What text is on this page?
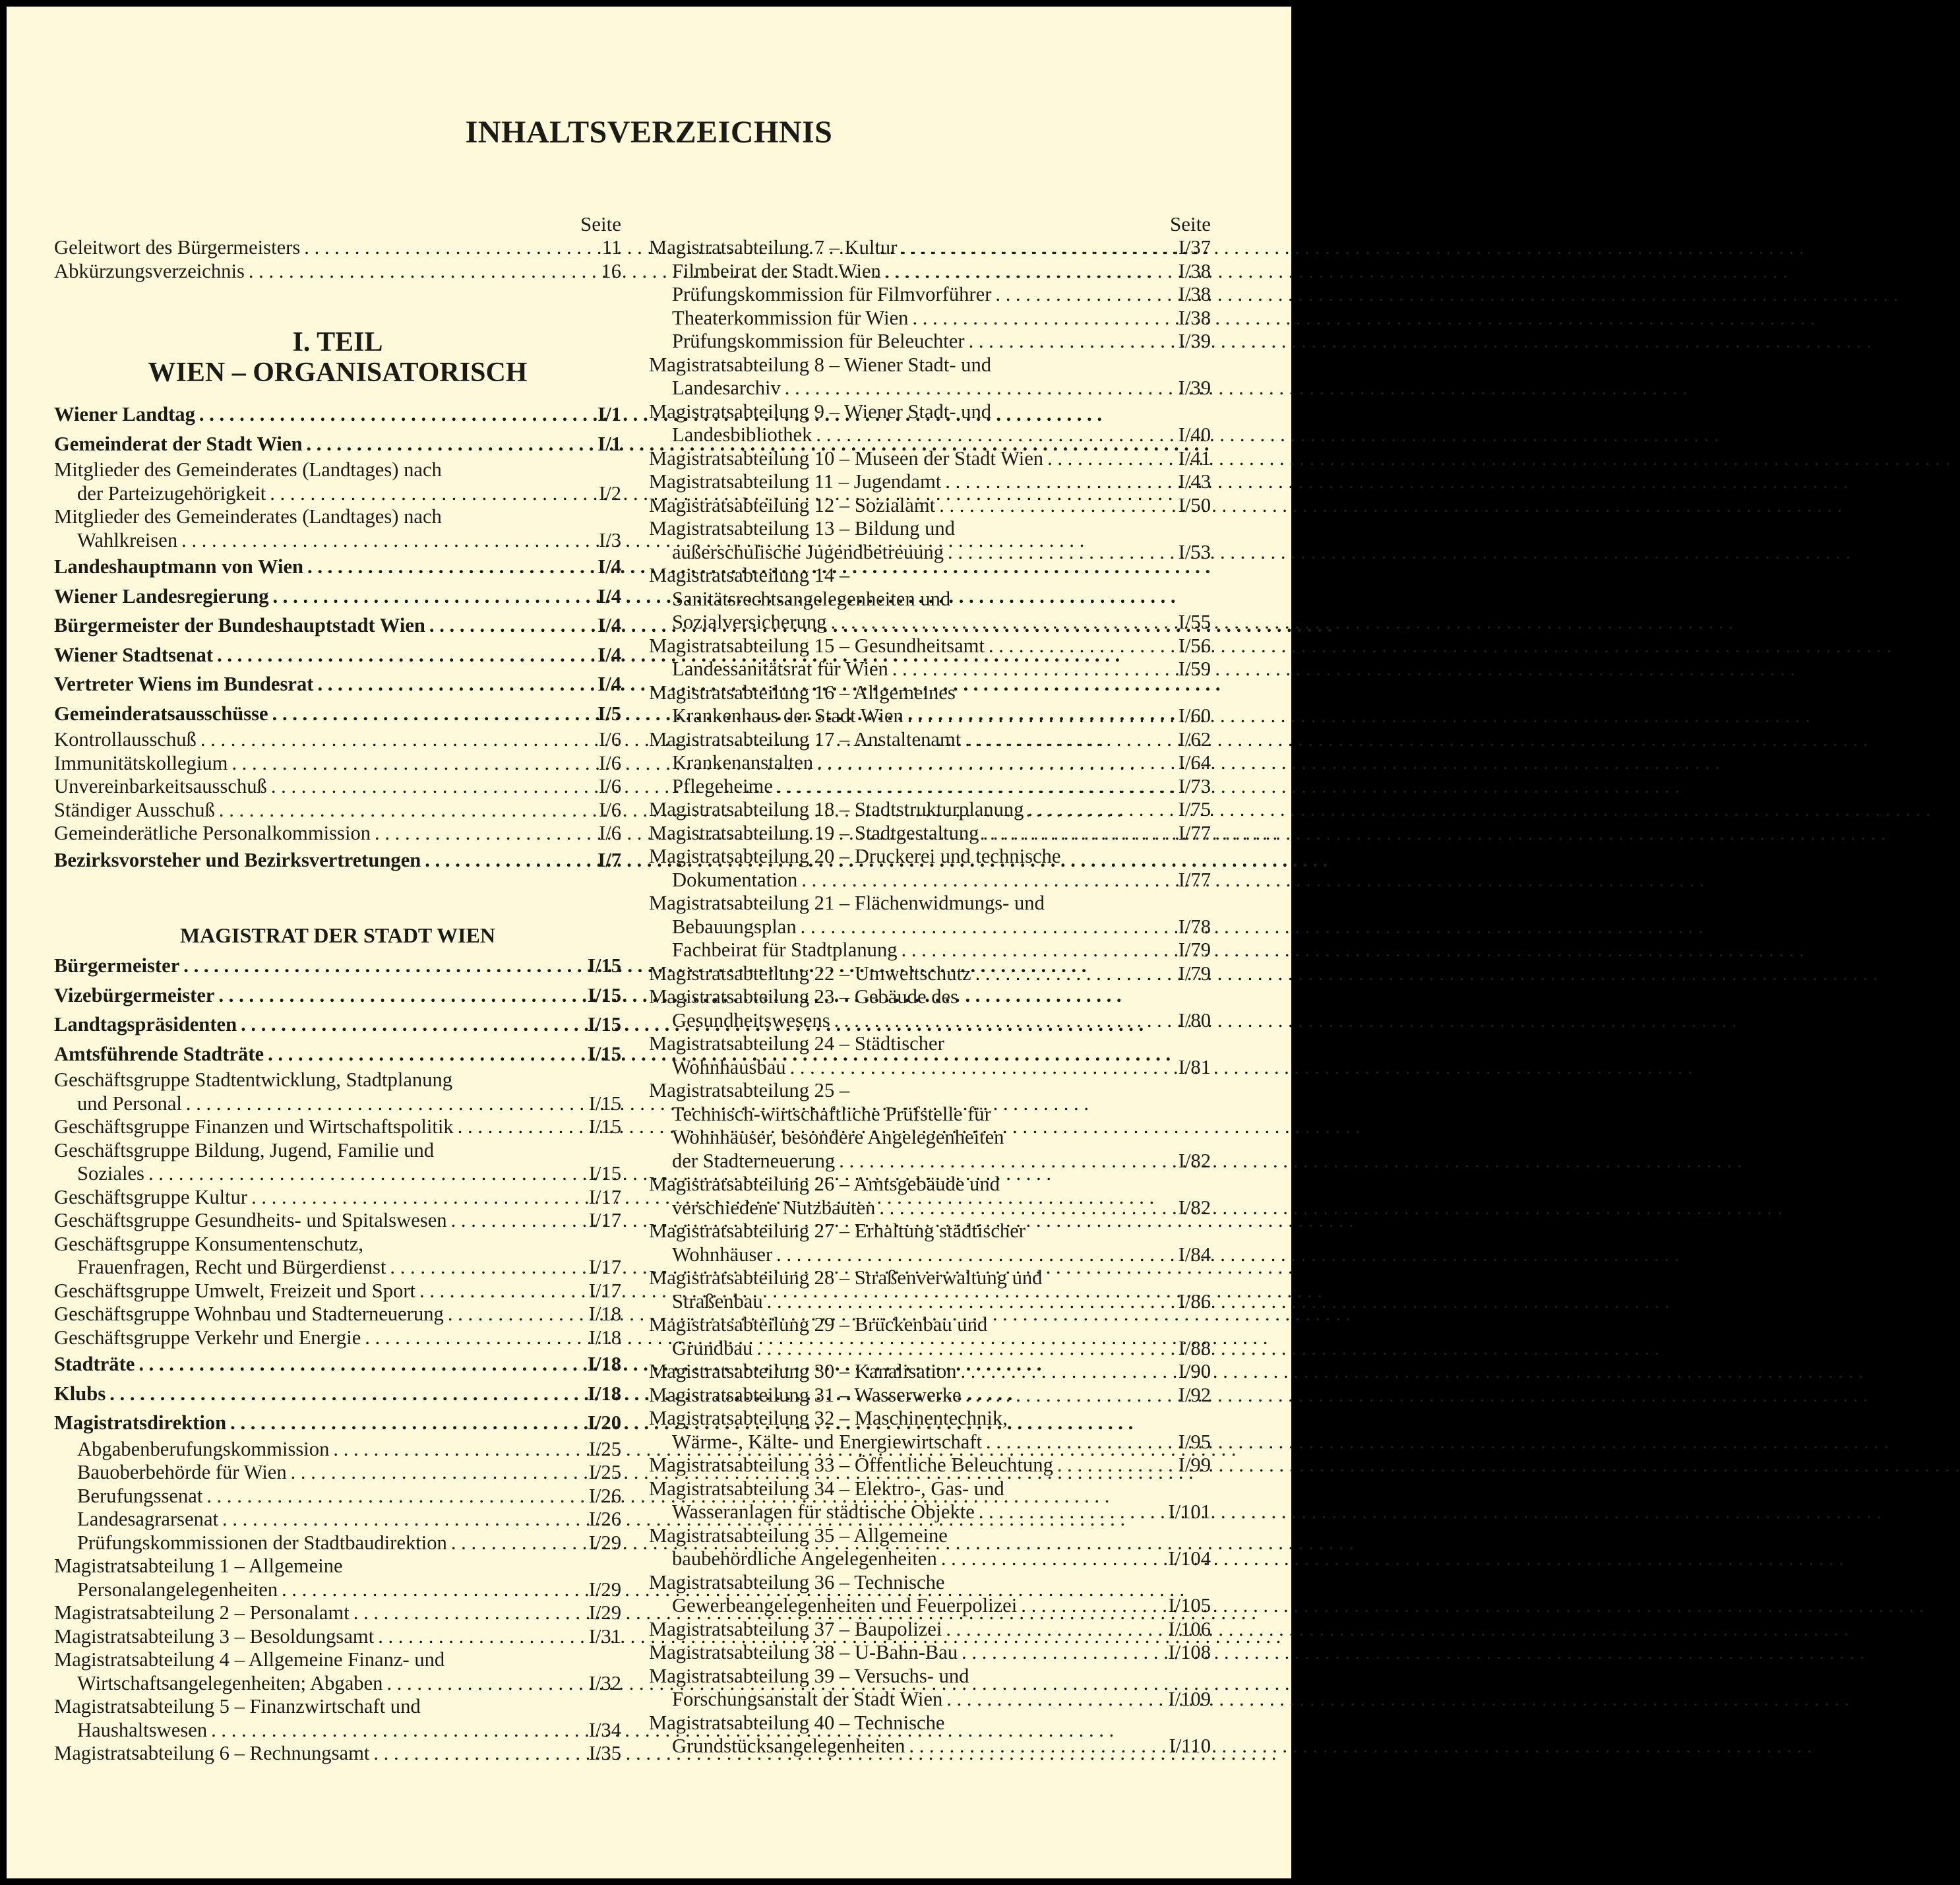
INHALTSVERZEICHNIS
Seite
Geleitwort des Bürgermeisters . . .	11
Abkürzungsverzeichnis . . .	16
I. TEIL
WIEN – ORGANISATORISCH
Wiener Landtag . . .	I/1
Gemeinderat der Stadt Wien . . .	I/1
Mitglieder des Gemeinderates (Landtages) nach
der Parteizugehörigkeit . . .	I/2
Mitglieder des Gemeinderates (Landtages) nach
Wahlkreisen . . .	I/3
Landeshauptmann von Wien . . .	I/4
Wiener Landesregierung . . .	I/4
Bürgermeister der Bundeshauptstadt Wien . . .	I/4
Wiener Stadtsenat . . .	I/4
Vertreter Wiens im Bundesrat . . .	I/4
Gemeinderatsausschüsse . . .	I/5
Kontrollausschuß . . .	I/6
Immunitätskollegium . . .	I/6
Unvereinbarkeitsausschuß . . .	I/6
Ständiger Ausschuß . . .	I/6
Gemeinderätliche Personalkommission . . .	I/6
Bezirksvorsteher und Bezirksvertretungen . . .	I/7
MAGISTRAT DER STADT WIEN
Bürgermeister . . .	I/15
Vizebürgermeister . . .	I/15
Landtagspräsidenten . . .	I/15
Amtsführende Stadträte . . .	I/15
Geschäftsgruppe Stadtentwicklung, Stadtplanung
und Personal . . .	I/15
Geschäftsgruppe Finanzen und Wirtschaftspolitik . . .	I/15
Geschäftsgruppe Bildung, Jugend, Familie und
Soziales . . .	I/15
Geschäftsgruppe Kultur . . .	I/17
Geschäftsgruppe Gesundheits- und Spitalswesen . . .	I/17
Geschäftsgruppe Konsumentenschutz,
Frauenfragen, Recht und Bürgerdienst . . .	I/17
Geschäftsgruppe Umwelt, Freizeit und Sport . . .	I/17
Geschäftsgruppe Wohnbau und Stadterneuerung . . .	I/18
Geschäftsgruppe Verkehr und Energie . . .	I/18
Stadträte . . .	I/18
Klubs . . .	I/18
Magistratsdirektion . . .	I/20
Abgabenberufungskommission . . .	I/25
Bauoberbehörde für Wien . . .	I/25
Berufungssenat . . .	I/26
Landesagrarsenat . . .	I/26
Prüfungskommissionen der Stadtbaudirektion . . .	I/29
Magistratsabteilung 1 – Allgemeine
Personalangelegenheiten . . .	I/29
Magistratsabteilung 2 – Personalamt . . .	I/29
Magistratsabteilung 3 – Besoldungsamt . . .	I/31
Magistratsabteilung 4 – Allgemeine Finanz- und
Wirtschaftsangelegenheiten; Abgaben . . .	I/32
Magistratsabteilung 5 – Finanzwirtschaft und
Haushaltswesen . . .	I/34
Magistratsabteilung 6 – Rechnungsamt . . .	I/35
Seite
Magistratsabteilung 7 – Kultur . . .	I/37
Filmbeirat der Stadt Wien . . .	I/38
Prüfungskommission für Filmvorführer . . .	I/38
Theaterkommission für Wien . . .	I/38
Prüfungskommission für Beleuchter . . .	I/39
Magistratsabteilung 8 – Wiener Stadt- und
Landesarchiv . . .	I/39
Magistratsabteilung 9 – Wiener Stadt- und
Landesbibliothek . . .	I/40
Magistratsabteilung 10 – Museen der Stadt Wien . . .	I/41
Magistratsabteilung 11 – Jugendamt . . .	I/43
Magistratsabteilung 12 – Sozialamt . . .	I/50
Magistratsabteilung 13 – Bildung und
außerschulische Jugendbetreuung . . .	I/53
Magistratsabteilung 14 –
Sanitätsrechtsangelegenheiten und
Sozialversicherung . . .	I/55
Magistratsabteilung 15 – Gesundheitsamt . . .	I/56
Landessanitätsrat für Wien . . .	I/59
Magistratsabteilung 16 – Allgemeines
Krankenhaus der Stadt Wien . . .	I/60
Magistratsabteilung 17 – Anstaltenamt . . .	I/62
Krankenanstalten . . .	I/64
Pflegeheime . . .	I/73
Magistratsabteilung 18 – Stadtstrukturplanung . . .	I/75
Magistratsabteilung 19 – Stadtgestaltung . . .	I/77
Magistratsabteilung 20 – Druckerei und technische
Dokumentation . . .	I/77
Magistratsabteilung 21 – Flächenwidmungs- und
Bebauungsplan . . .	I/78
Fachbeirat für Stadtplanung . . .	I/79
Magistratsabteilung 22 – Umweltschutz . . .	I/79
Magistratsabteilung 23 – Gebäude des
Gesundheitswesens . . .	I/80
Magistratsabteilung 24 – Städtischer
Wohnhausbau . . .	I/81
Magistratsabteilung 25 –
Technisch-wirtschaftliche Prüfstelle für
Wohnhäuser, besondere Angelegenheiten
der Stadterneuerung . . .	I/82
Magistratsabteilung 26 – Amtsgebäude und
verschiedene Nutzbauten . . .	I/82
Magistratsabteilung 27 – Erhaltung städtischer
Wohnhäuser . . .	I/84
Magistratsabteilung 28 – Straßenverwaltung und
Straßenbau . . .	I/86
Magistratsabteilung 29 – Brückenbau und
Grundbau . . .	I/88
Magistratsabteilung 30 – Kanalisation . . .	I/90
Magistratsabteilung 31 – Wasserwerke . . .	I/92
Magistratsabteilung 32 – Maschinentechnik,
Wärme-, Kälte- und Energiewirtschaft . . .	I/95
Magistratsabteilung 33 – Öffentliche Beleuchtung . . .	I/99
Magistratsabteilung 34 – Elektro-, Gas- und
Wasseranlagen für städtische Objekte . . .	I/101
Magistratsabteilung 35 – Allgemeine
baubehördliche Angelegenheiten . . .	I/104
Magistratsabteilung 36 – Technische
Gewerbeangelegenheiten und Feuerpolizei . . .	I/105
Magistratsabteilung 37 – Baupolizei . . .	I/106
Magistratsabteilung 38 – U-Bahn-Bau . . .	I/108
Magistratsabteilung 39 – Versuchs- und
Forschungsanstalt der Stadt Wien . . .	I/109
Magistratsabteilung 40 – Technische
Grundstücksangelegenheiten . . .	I/110
